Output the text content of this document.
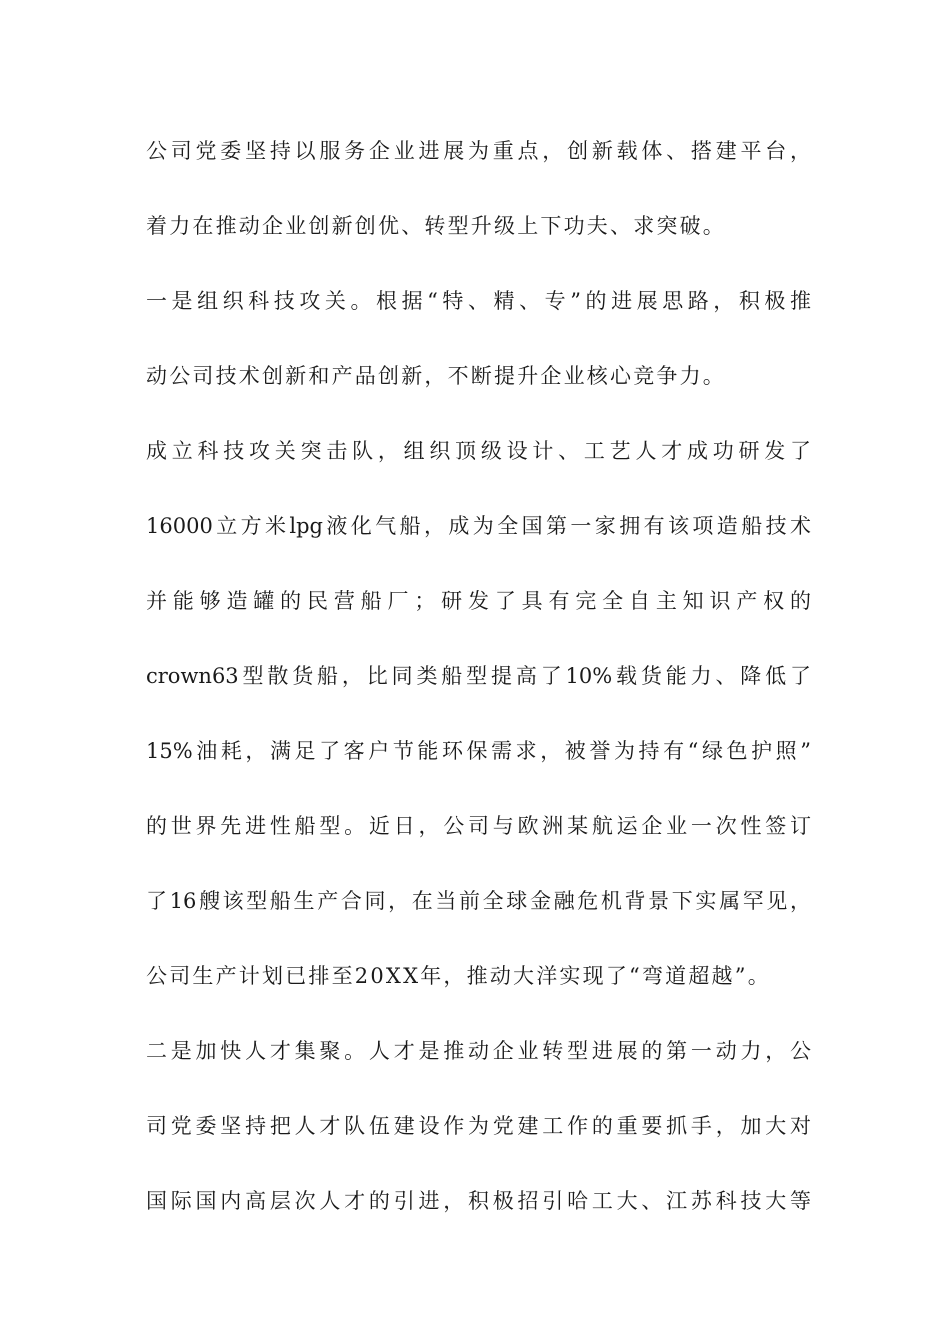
公司党委坚持以服务企业进展为重点，创新载体、搭建平台，
着力在推动企业创新创优、转型升级上下功夫、求突破。
一是组织科技攻关。根据“特、精、专”的进展思路，积极推
动公司技术创新和产品创新，不断提升企业核心竞争力。
成立科技攻关突击队，组织顶级设计、工艺人才成功研发了
16000立方米lpg液化气船，成为全国第一家拥有该项造船技术
并能够造罐的民营船厂；研发了具有完全自主知识产权的
crown63型散货船，比同类船型提高了10%载货能力、降低了
15%油耗，满足了客户节能环保需求，被誉为持有“绿色护照”
的世界先进性船型。近日，公司与欧洲某航运企业一次性签订
了16艘该型船生产合同，在当前全球金融危机背景下实属罕见，
公司生产计划已排至20XX年，推动大洋实现了“弯道超越”。
二是加快人才集聚。人才是推动企业转型进展的第一动力，公
司党委坚持把人才队伍建设作为党建工作的重要抓手，加大对
国际国内高层次人才的引进，积极招引哈工大、江苏科技大等
